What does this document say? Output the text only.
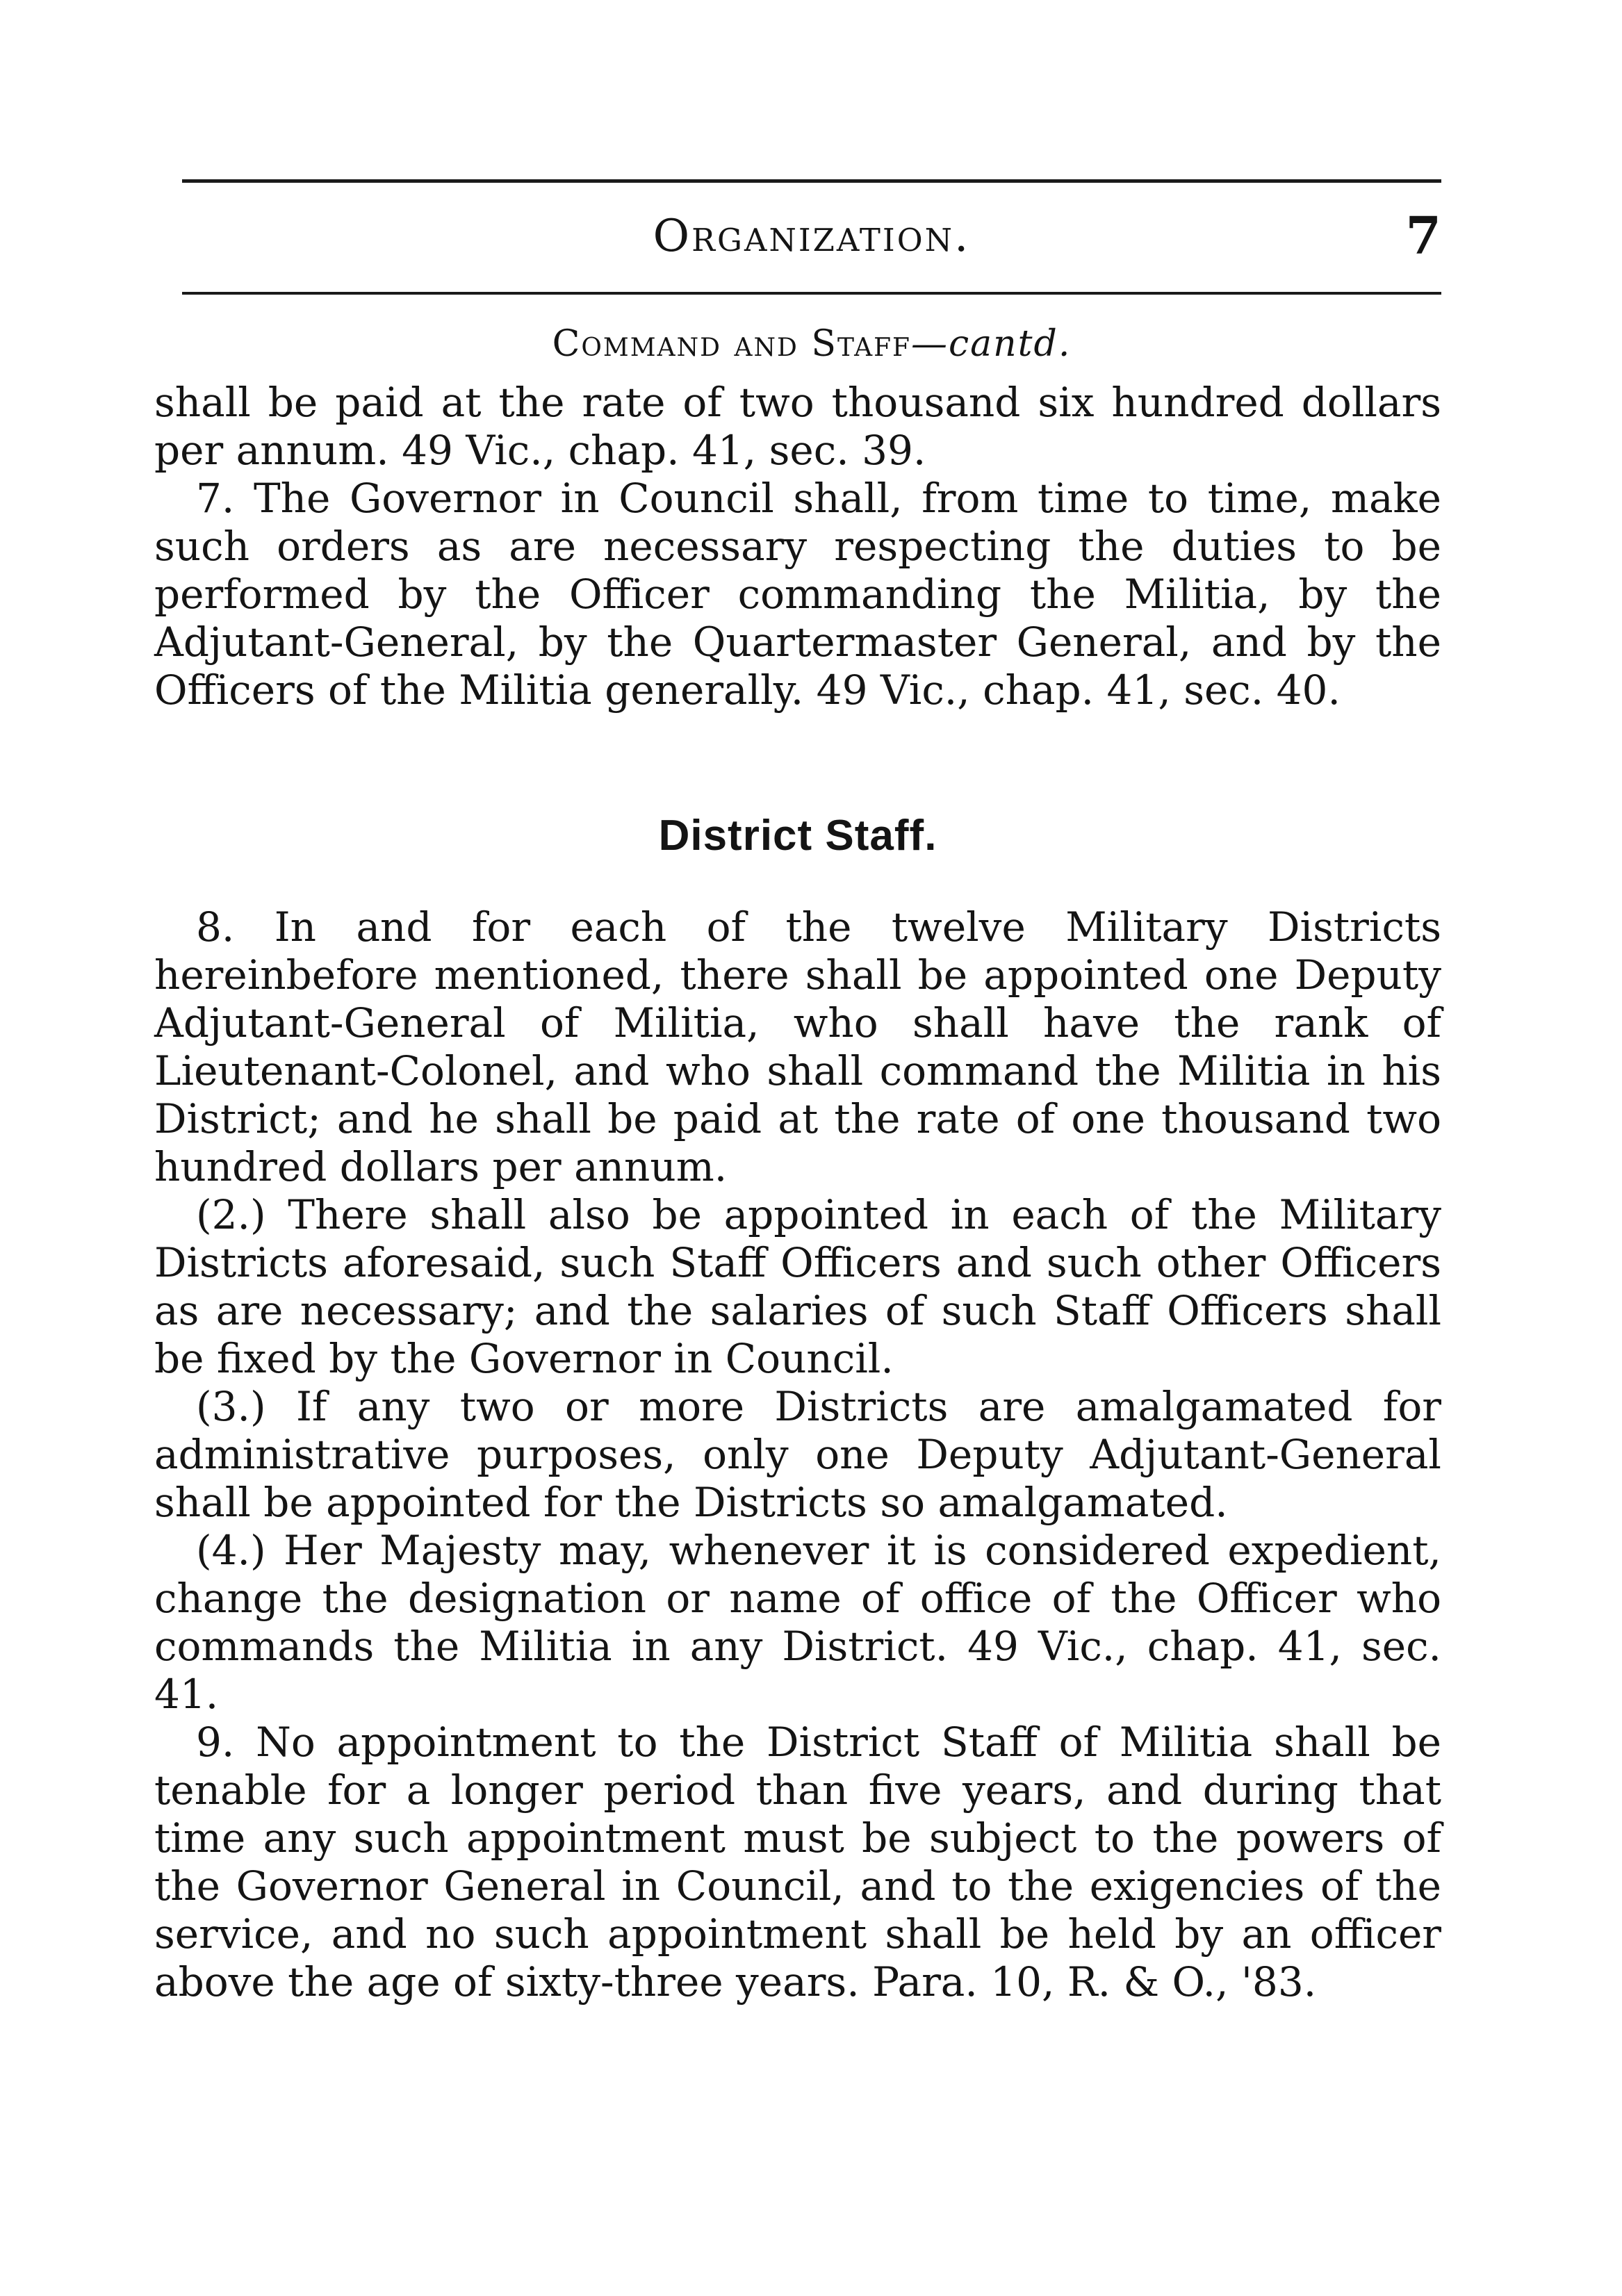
Organization.	7
Command and Staff—cantd.

shall be paid at the rate of two thousand six hundred dollars per annum. 49 Vic., chap. 41, sec. 39.

7. The Governor in Council shall, from time to time, make such orders as are necessary respecting the duties to be performed by the Officer commanding the Militia, by the Adjutant-General, by the Quartermaster General, and by the Officers of the Militia generally. 49 Vic., chap. 41, sec. 40.

District Staff.

8. In and for each of the twelve Military Districts hereinbefore mentioned, there shall be appointed one Deputy Adjutant-General of Militia, who shall have the rank of Lieutenant-Colonel, and who shall command the Militia in his District; and he shall be paid at the rate of one thousand two hundred dollars per annum.

(2.) There shall also be appointed in each of the Military Districts aforesaid, such Staff Officers and such other Officers as are necessary; and the salaries of such Staff Officers shall be fixed by the Governor in Council.

(3.) If any two or more Districts are amalgamated for administrative purposes, only one Deputy Adjutant-General shall be appointed for the Districts so amalgamated.

(4.) Her Majesty may, whenever it is considered expedient, change the designation or name of office of the Officer who commands the Militia in any District. 49 Vic., chap. 41, sec. 41.

9. No appointment to the District Staff of Militia shall be tenable for a longer period than five years, and during that time any such appointment must be subject to the powers of the Governor General in Council, and to the exigencies of the service, and no such appointment shall be held by an officer above the age of sixty-three years. Para. 10, R. & O., '83.
